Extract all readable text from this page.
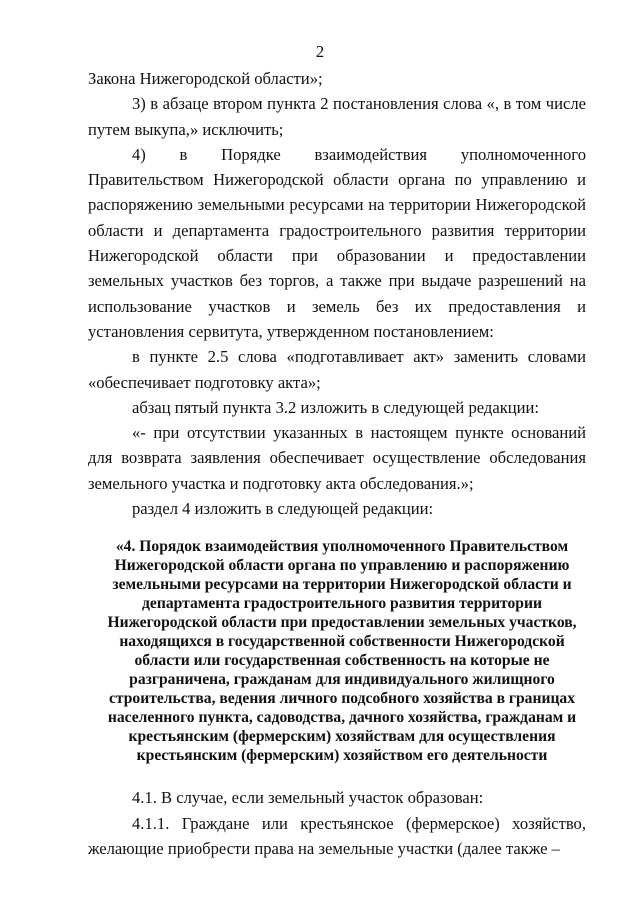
2

Закона Нижегородской области»;

3) в абзаце втором пункта 2 постановления слова «, в том числе путем выкупа,» исключить;

4) в Порядке взаимодействия уполномоченного Правительством Нижегородской области органа по управлению и распоряжению земельными ресурсами на территории Нижегородской области и департамента градостроительного развития территории Нижегородской области при образовании и предоставлении земельных участков без торгов, а также при выдаче разрешений на использование участков и земель без их предоставления и установления сервитута, утвержденном постановлением:

в пункте 2.5 слова «подготавливает акт» заменить словами «обеспечивает подготовку акта»;

абзац пятый пункта 3.2 изложить в следующей редакции:

«- при отсутствии указанных в настоящем пункте оснований для возврата заявления обеспечивает осуществление обследования земельного участка и подготовку акта обследования.»;

раздел 4 изложить в следующей редакции:

«4. Порядок взаимодействия уполномоченного Правительством Нижегородской области органа по управлению и распоряжению земельными ресурсами на территории Нижегородской области и департамента градостроительного развития территории Нижегородской области при предоставлении земельных участков, находящихся в государственной собственности Нижегородской области или государственная собственность на которые не разграничена, гражданам для индивидуального жилищного строительства, ведения личного подсобного хозяйства в границах населенного пункта, садоводства, дачного хозяйства, гражданам и крестьянским (фермерским) хозяйствам для осуществления крестьянским (фермерским) хозяйством его деятельности

4.1. В случае, если земельный участок образован:

4.1.1. Граждане или крестьянское (фермерское) хозяйство, желающие приобрести права на земельные участки (далее также –
